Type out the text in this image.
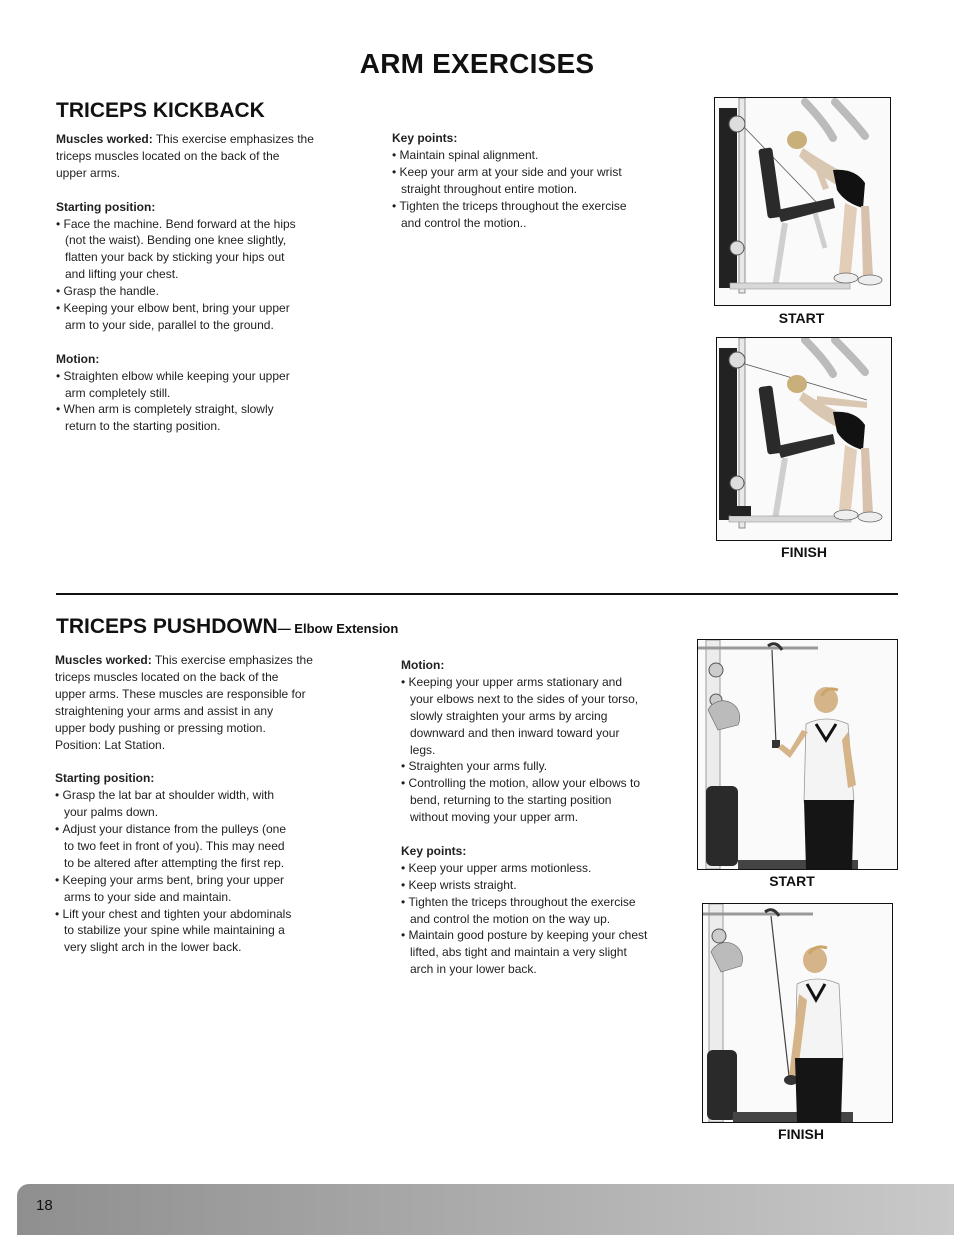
ARM EXERCISES
TRICEPS KICKBACK

Muscles worked: This exercise emphasizes the
triceps muscles located on the back of the
upper arms.

Starting position:

• Face the machine. Bend forward at the hips
(not the waist). Bending one knee slightly,
flatten your back by sticking your hips out
and lifting your chest.
• Grasp the handle.
• Keeping your elbow bent, bring your upper
arm to your side, parallel to the ground.

Motion:

• Straighten elbow while keeping your upper
arm completely still.
• When arm is completely straight, slowly
return to the starting position.

Key points:

• Maintain spinal alignment.
• Keep your arm at your side and your wrist
straight throughout entire motion.
• Tighten the triceps throughout the exercise
and control the motion..
START
FINISH
TRICEPS PUSHDOWN— Elbow Extension

Muscles worked: This exercise emphasizes the
triceps muscles located on the back of the
upper arms. These muscles are responsible for
straightening your arms and assist in any
upper body pushing or pressing motion.
Position: Lat Station.

Starting position:

• Grasp the lat bar at shoulder width, with
your palms down.
• Adjust your distance from the pulleys (one
to two feet in front of you). This may need
to be altered after attempting the first rep.
• Keeping your arms bent, bring your upper
arms to your side and maintain.
• Lift your chest and tighten your abdominals
to stabilize your spine while maintaining a
very slight arch in the lower back.

Motion:

• Keeping your upper arms stationary and
your elbows next to the sides of your torso,
slowly straighten your arms by arcing
downward and then inward toward your
legs.
• Straighten your arms fully.
• Controlling the motion, allow your elbows to
bend, returning to the starting position
without moving your upper arm.

Key points:

• Keep your upper arms motionless.
• Keep wrists straight.
• Tighten the triceps throughout the exercise
and control the motion on the way up.
• Maintain good posture by keeping your chest
lifted, abs tight and maintain a very slight
arch in your lower back.
START
FINISH
18
